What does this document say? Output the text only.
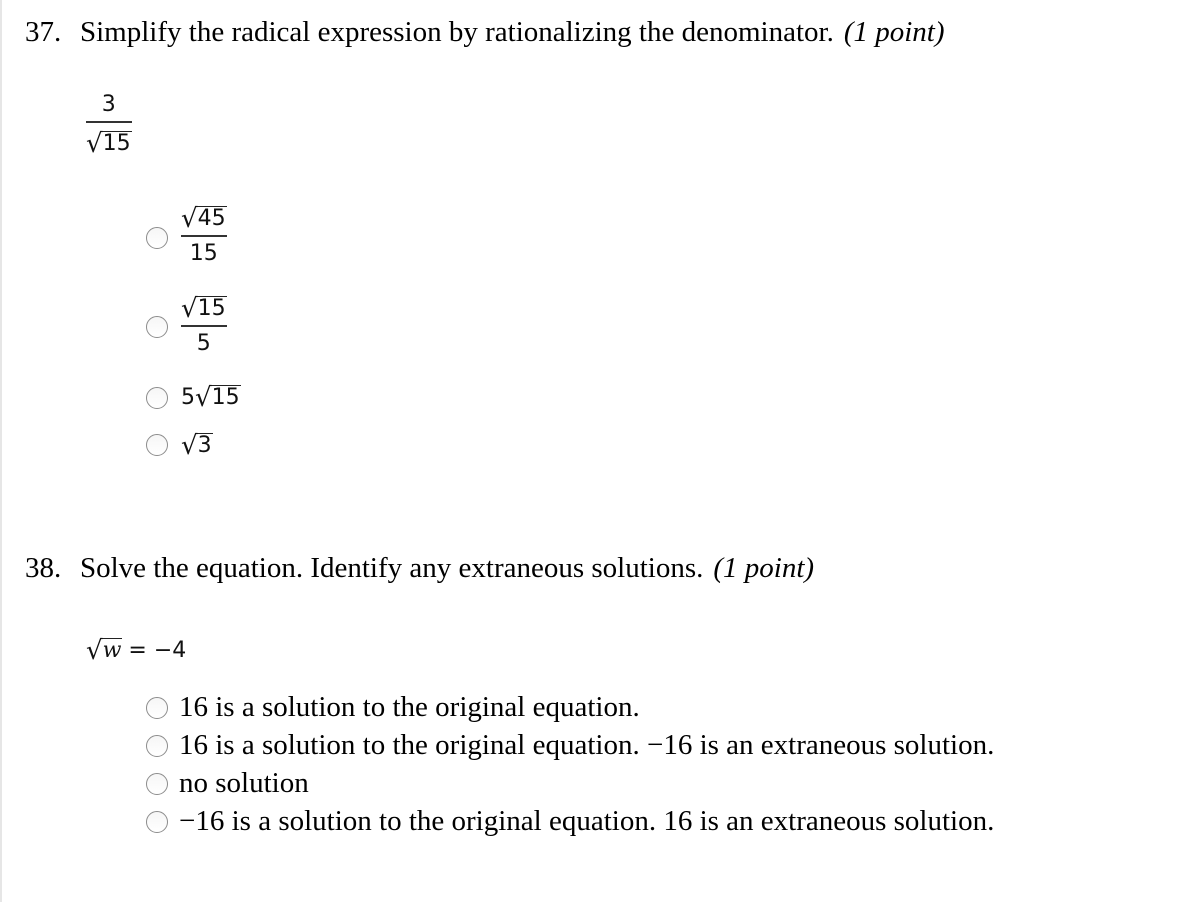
37. Simplify the radical expression by rationalizing the denominator. (1 point)
3
√ 15
√ 45
15
√ 15
5
5 √ 15
√ 3
38. Solve the equation. Identify any extraneous solutions. (1 point)
√ w = −4
16 is a solution to the original equation.
16 is a solution to the original equation. −16 is an extraneous solution.
no solution
−16 is a solution to the original equation. 16 is an extraneous solution.
